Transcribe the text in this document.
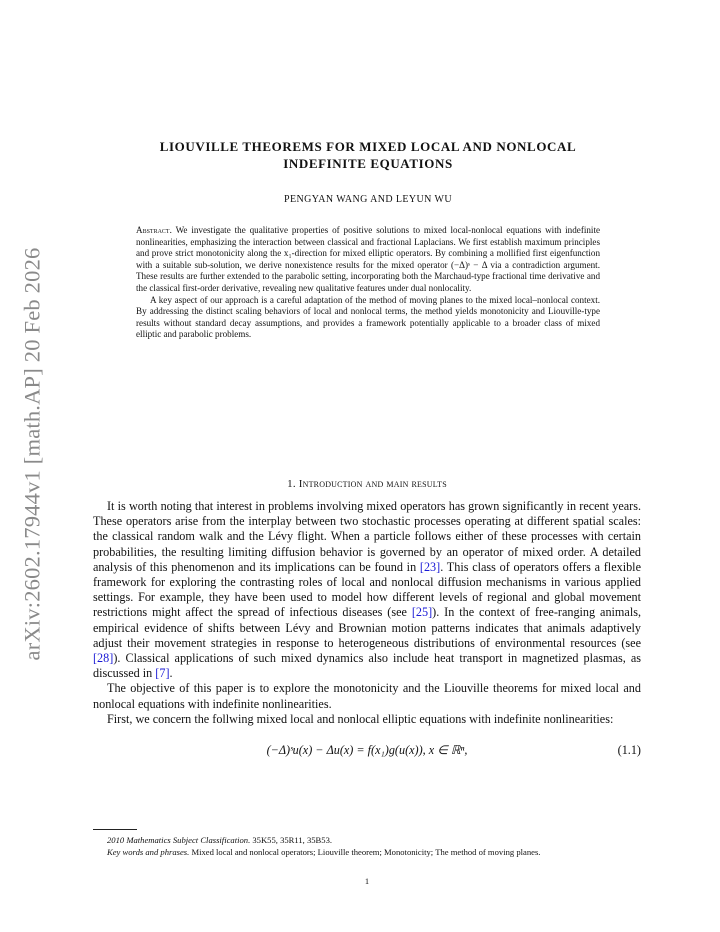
arXiv:2602.17944v1 [math.AP] 20 Feb 2026
LIOUVILLE THEOREMS FOR MIXED LOCAL AND NONLOCAL INDEFINITE EQUATIONS
PENGYAN WANG AND LEYUN WU

Abstract. We investigate the qualitative properties of positive solutions to mixed local-nonlocal equations with indefinite nonlinearities, emphasizing the interaction between classical and fractional Laplacians. We first establish maximum principles and prove strict monotonicity along the x₁-direction for mixed elliptic operators. By combining a mollified first eigenfunction with a suitable sub-solution, we derive nonexistence results for the mixed operator (−Δ)ˢ − Δ via a contradiction argument. These results are further extended to the parabolic setting, incorporating both the Marchaud-type fractional time derivative and the classical first-order derivative, revealing new qualitative features under dual nonlocality.

A key aspect of our approach is a careful adaptation of the method of moving planes to the mixed local–nonlocal context. By addressing the distinct scaling behaviors of local and nonlocal terms, the method yields monotonicity and Liouville-type results without standard decay assumptions, and provides a framework potentially applicable to a broader class of mixed elliptic and parabolic problems.

1. Introduction and main results

It is worth noting that interest in problems involving mixed operators has grown significantly in recent years. These operators arise from the interplay between two stochastic processes operating at different spatial scales: the classical random walk and the Lévy flight. When a particle follows either of these processes with certain probabilities, the resulting limiting diffusion behavior is governed by an operator of mixed order. A detailed analysis of this phenomenon and its implications can be found in [23]. This class of operators offers a flexible framework for exploring the contrasting roles of local and nonlocal diffusion mechanisms in various applied settings. For example, they have been used to model how different levels of regional and global movement restrictions might affect the spread of infectious diseases (see [25]). In the context of free-ranging animals, empirical evidence of shifts between Lévy and Brownian motion patterns indicates that animals adaptively adjust their movement strategies in response to heterogeneous distributions of environmental resources (see [28]). Classical applications of such mixed dynamics also include heat transport in magnetized plasmas, as discussed in [7].

The objective of this paper is to explore the monotonicity and the Liouville theorems for mixed local and nonlocal equations with indefinite nonlinearities.

First, we concern the follwing mixed local and nonlocal elliptic equations with indefinite nonlinearities:

(−Δ)ˢu(x) − Δu(x) = f(x₁)g(u(x)), x ∈ ℝⁿ,	(1.1)

2010 Mathematics Subject Classification. 35K55, 35R11, 35B53.

Key words and phrases. Mixed local and nonlocal operators; Liouville theorem; Monotonicity; The method of moving planes.

1
